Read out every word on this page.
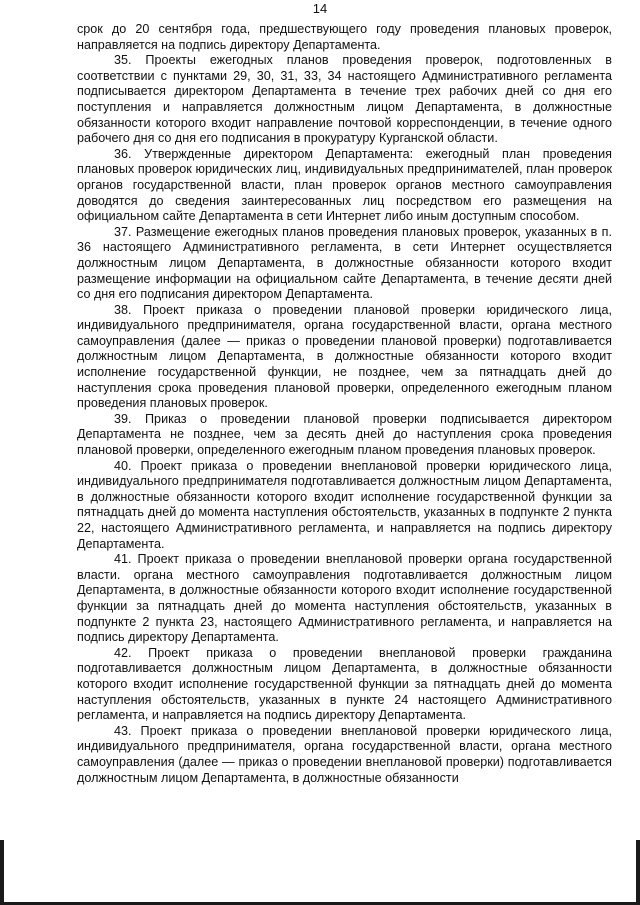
14

срок до 20 сентября года, предшествующего году проведения плановых проверок, направляется на подпись директору Департамента.

35. Проекты ежегодных планов проведения проверок, подготовленных в соответствии с пунктами 29, 30, 31, 33, 34 настоящего Административного регламента подписывается директором Департамента в течение трех рабочих дней со дня его поступления и направляется должностным лицом Департамента, в должностные обязанности которого входит направление почтовой корреспонденции, в течение одного рабочего дня со дня его подписания в прокуратуру Курганской области.

36. Утвержденные директором Департамента: ежегодный план проведения плановых проверок юридических лиц, индивидуальных предпринимателей, план проверок органов государственной власти, план проверок органов местного самоуправления доводятся до сведения заинтересованных лиц посредством его размещения на официальном сайте Департамента в сети Интернет либо иным доступным способом.

37. Размещение ежегодных планов проведения плановых проверок, указанных в п. 36 настоящего Административного регламента, в сети Интернет осуществляется должностным лицом Департамента, в должностные обязанности которого входит размещение информации на официальном сайте Департамента, в течение десяти дней со дня его подписания директором Департамента.

38. Проект приказа о проведении плановой проверки юридического лица, индивидуального предпринимателя, органа государственной власти, органа местного самоуправления (далее — приказ о проведении плановой проверки) подготавливается должностным лицом Департамента, в должностные обязанности которого входит исполнение государственной функции, не позднее, чем за пятнадцать дней до наступления срока проведения плановой проверки, определенного ежегодным планом проведения плановых проверок.

39. Приказ о проведении плановой проверки подписывается директором Департамента не позднее, чем за десять дней до наступления срока проведения плановой проверки, определенного ежегодным планом проведения плановых проверок.

40. Проект приказа о проведении внеплановой проверки юридического лица, индивидуального предпринимателя подготавливается должностным лицом Департамента, в должностные обязанности которого входит исполнение государственной функции за пятнадцать дней до момента наступления обстоятельств, указанных в подпункте 2 пункта 22, настоящего Административного регламента, и направляется на подпись директору Департамента.

41. Проект приказа о проведении внеплановой проверки органа государственной власти. органа местного самоуправления подготавливается должностным лицом Департамента, в должностные обязанности которого входит исполнение государственной функции за пятнадцать дней до момента наступления обстоятельств, указанных в подпункте 2 пункта 23, настоящего Административного регламента, и направляется на подпись директору Департамента.

42. Проект приказа о проведении внеплановой проверки гражданина подготавливается должностным лицом Департамента, в должностные обязанности которого входит исполнение государственной функции за пятнадцать дней до момента наступления обстоятельств, указанных в пункте 24 настоящего Административного регламента, и направляется на подпись директору Департамента.

43. Проект приказа о проведении внеплановой проверки юридического лица, индивидуального предпринимателя, органа государственной власти, органа местного самоуправления (далее — приказ о проведении внеплановой проверки) подготавливается должностным лицом Департамента, в должностные обязанности
